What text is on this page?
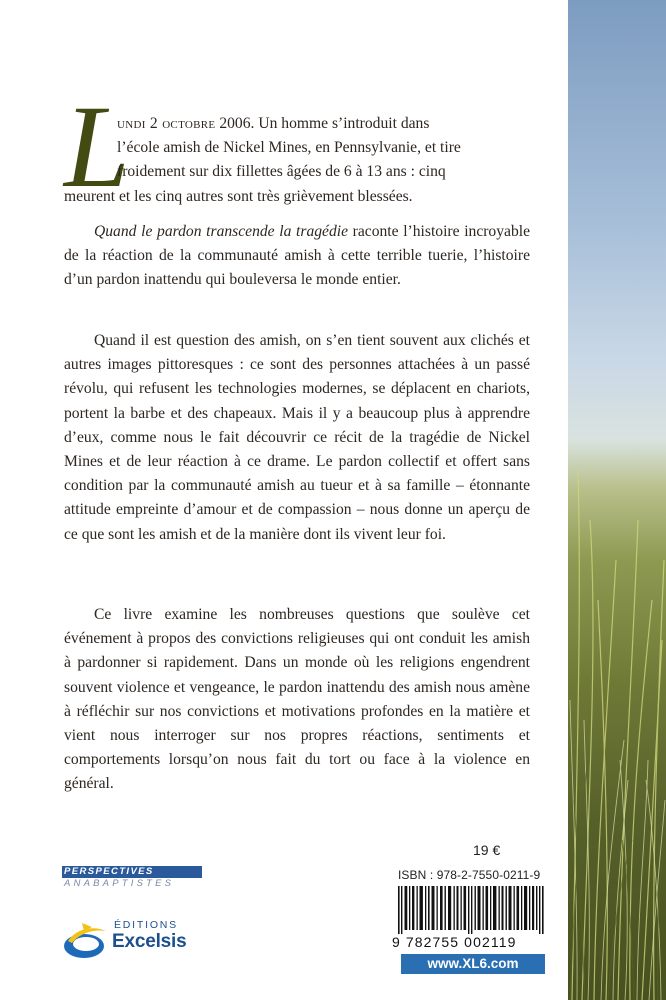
L
undi 2 octobre 2006. Un homme s’introduit dans
l’école amish de Nickel Mines, en Pennsylvanie, et tire
froidement sur dix fillettes âgées de 6 à 13 ans : cinq
meurent et les cinq autres sont très grièvement blessées.

Quand le pardon transcende la tragédie raconte l’histoire incroyable de la réaction de la communauté amish à cette terrible tuerie, l’histoire d’un pardon inattendu qui bouleversa le monde entier.

Quand il est question des amish, on s’en tient souvent aux clichés et autres images pittoresques : ce sont des personnes attachées à un passé révolu, qui refusent les technologies modernes, se déplacent en chariots, portent la barbe et des chapeaux. Mais il y a beaucoup plus à apprendre d’eux, comme nous le fait découvrir ce récit de la tragédie de Nickel Mines et de leur réaction à ce drame. Le pardon collectif et offert sans condition par la communauté amish au tueur et à sa famille – étonnante attitude empreinte d’amour et de compassion – nous donne un aperçu de ce que sont les amish et de la manière dont ils vivent leur foi.

Ce livre examine les nombreuses questions que soulève cet événement à propos des convictions religieuses qui ont conduit les amish à pardonner si rapidement. Dans un monde où les religions engendrent souvent violence et vengeance, le pardon inattendu des amish nous amène à réfléchir sur nos convictions et motivations profondes en la matière et vient nous interroger sur nos propres réactions, sentiments et comportements lorsqu’on nous fait du tort ou face à la violence en général.

PERSPECTIVES
ANABAPTISTES
ÉDITIONS
Excelsis
19 €
ISBN : 978-2-7550-0211-9
9 782755 002119
www.XL6.com
